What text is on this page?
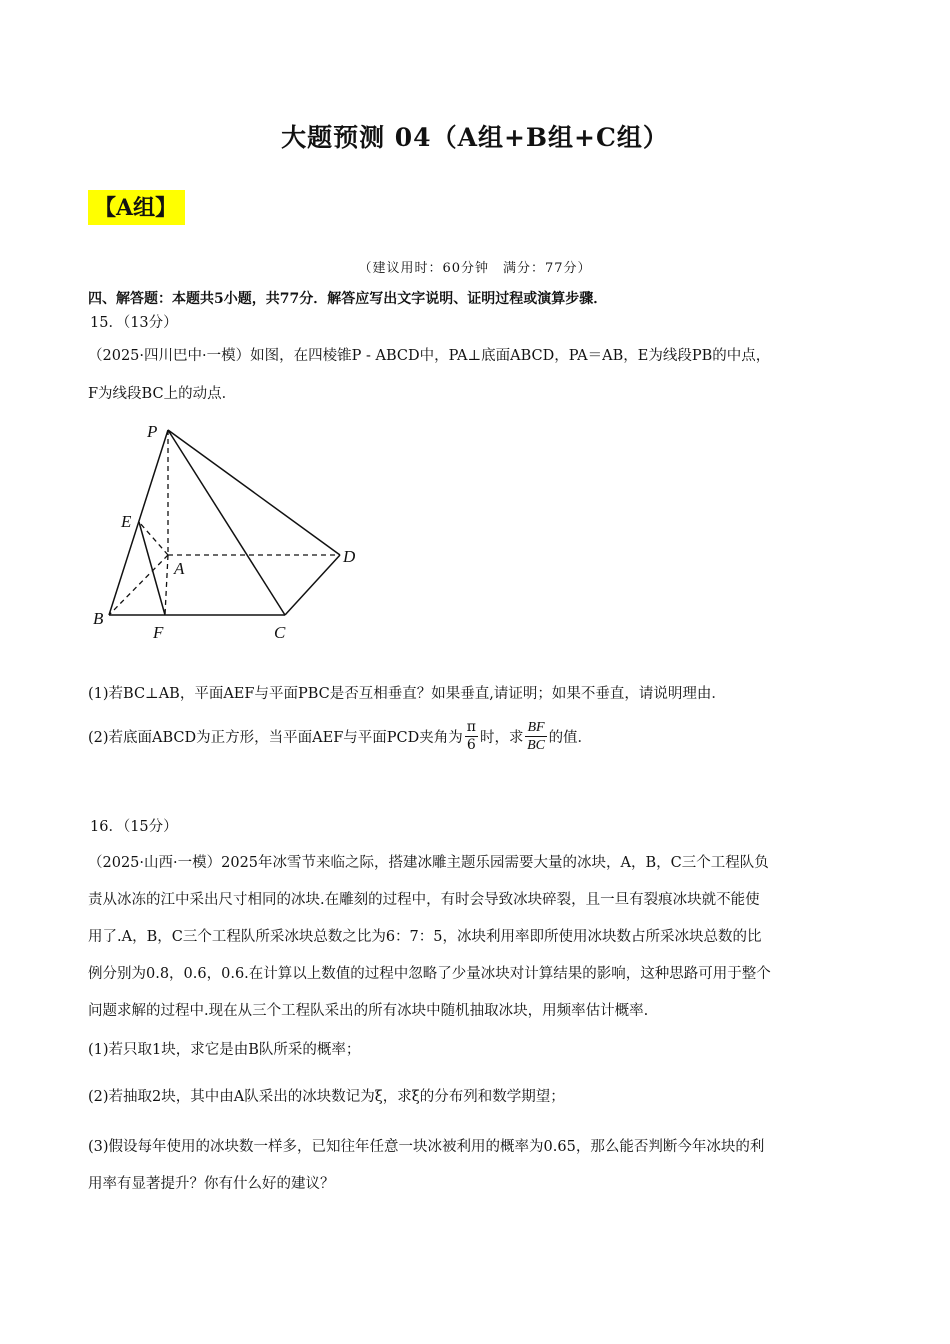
大题预测 04（A组+B组+C组）
【A组】
（建议用时：60分钟　满分：77分）
四、解答题：本题共5小题，共77分．解答应写出文字说明、证明过程或演算步骤．
15．（13分）
（2025·四川巴中·一模）如图，在四棱锥P - ABCD中，PA⊥底面ABCD，PA＝AB，E为线段PB的中点，
F为线段BC上的动点．
P
E
A
D
B
F	C
(1)若BC⊥AB，平面AEF与平面PBC是否互相垂直？如果垂直,请证明；如果不垂直，请说明理由．
(2)若底面ABCD为正方形，当平面AEF与平面PCD夹角为 $\frac{\pi}{6}$ 时，求 $\frac{BF}{BC}$ 的值．
16．（15分）
（2025·山西·一模）2025年冰雪节来临之际，搭建冰雕主题乐园需要大量的冰块，A，B，C三个工程队负
责从冰冻的江中采出尺寸相同的冰块.在雕刻的过程中，有时会导致冰块碎裂，且一旦有裂痕冰块就不能使
用了.A，B，C三个工程队所采冰块总数之比为6：7：5，冰块利用率即所使用冰块数占所采冰块总数的比
例分别为0.8，0.6，0.6.在计算以上数值的过程中忽略了少量冰块对计算结果的影响，这种思路可用于整个
问题求解的过程中.现在从三个工程队采出的所有冰块中随机抽取冰块，用频率估计概率.
(1)若只取1块，求它是由B队所采的概率；
(2)若抽取2块，其中由A队采出的冰块数记为ξ，求ξ的分布列和数学期望；
(3)假设每年使用的冰块数一样多，已知往年任意一块冰被利用的概率为0.65，那么能否判断今年冰块的利
用率有显著提升？你有什么好的建议？
